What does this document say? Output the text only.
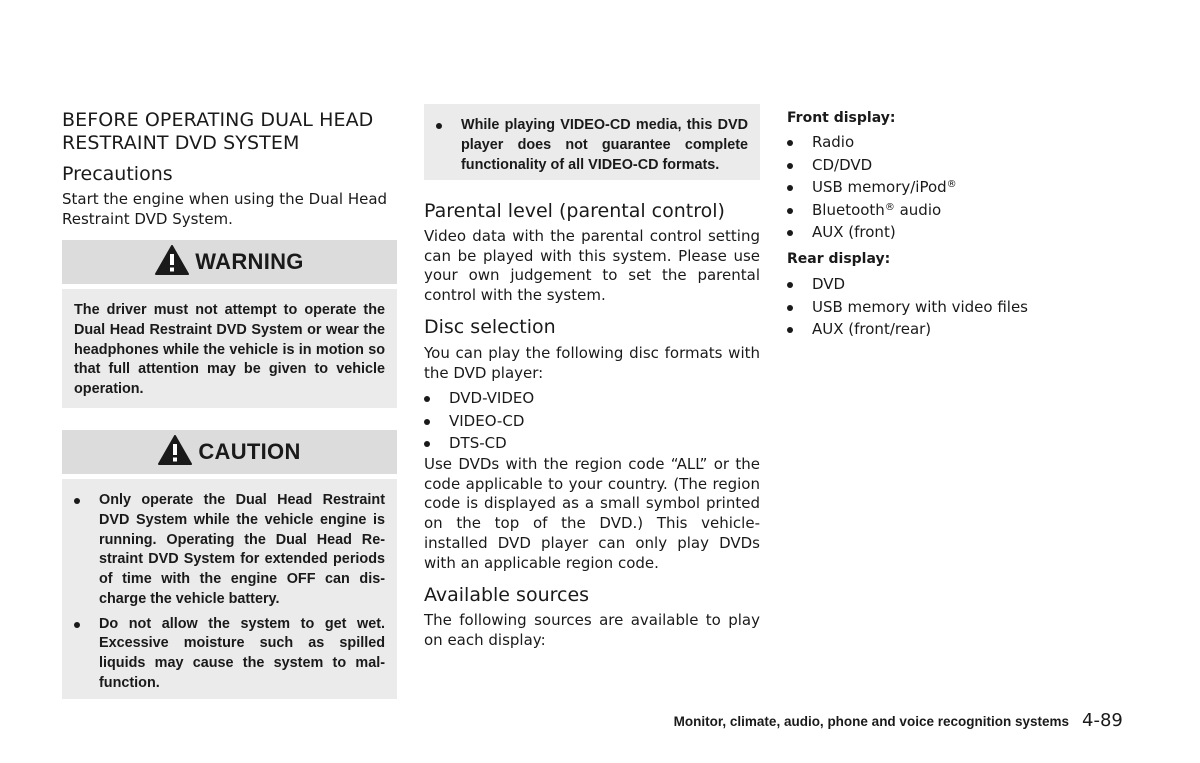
BEFORE OPERATING DUAL HEAD RESTRAINT DVD SYSTEM
Precautions
Start the engine when using the Dual Head Restraint DVD System.
WARNING
The driver must not attempt to operate the Dual Head Restraint DVD System or wear the headphones while the vehicle is in motion so that full attention may be given to vehicle operation.
CAUTION
Only operate the Dual Head Restraint DVD System while the vehicle engine is running. Operating the Dual Head Re-straint DVD System for extended periods of time with the engine OFF can dis-charge the vehicle battery.
Do not allow the system to get wet. Excessive moisture such as spilled liquids may cause the system to mal-function.
While playing VIDEO-CD media, this DVD player does not guarantee complete functionality of all VIDEO-CD formats.
Parental level (parental control)
Video data with the parental control setting can be played with this system. Please use your own judgement to set the parental control with the system.
Disc selection
You can play the following disc formats with the DVD player:
DVD-VIDEO
VIDEO-CD
DTS-CD
Use DVDs with the region code “ALL” or the code applicable to your country. (The region code is displayed as a small symbol printed on the top of the DVD.) This vehicle-installed DVD player can only play DVDs with an applicable region code.
Available sources
The following sources are available to play on each display:
Front display:
Radio
CD/DVD
USB memory/iPod®
Bluetooth® audio
AUX (front)
Rear display:
DVD
USB memory with video files
AUX (front/rear)
Monitor, climate, audio, phone and voice recognition systems 4-89
